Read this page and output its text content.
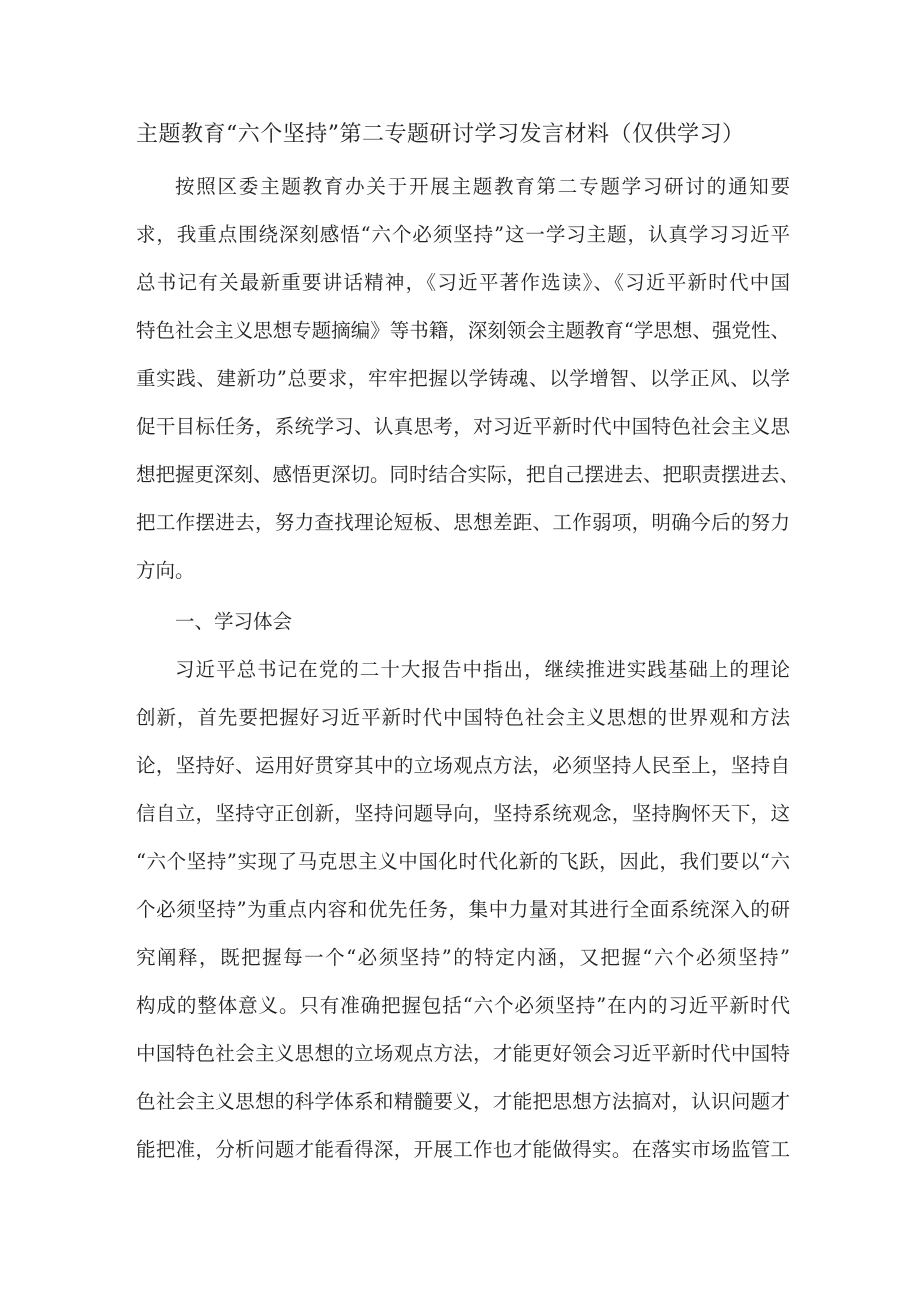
主题教育“六个坚持”第二专题研讨学习发言材料（仅供学习）
按照区委主题教育办关于开展主题教育第二专题学习研讨的通知要
求，我重点围绕深刻感悟“六个必须坚持”这一学习主题，认真学习习近平
总书记有关最新重要讲话精神，《习近平著作选读》、《习近平新时代中国
特色社会主义思想专题摘编》等书籍，深刻领会主题教育“学思想、强党性、
重实践、建新功”总要求，牢牢把握以学铸魂、以学增智、以学正风、以学
促干目标任务，系统学习、认真思考，对习近平新时代中国特色社会主义思
想把握更深刻、感悟更深切。同时结合实际，把自己摆进去、把职责摆进去、
把工作摆进去，努力查找理论短板、思想差距、工作弱项，明确今后的努力
方向。
一、学习体会
习近平总书记在党的二十大报告中指出，继续推进实践基础上的理论
创新，首先要把握好习近平新时代中国特色社会主义思想的世界观和方法
论，坚持好、运用好贯穿其中的立场观点方法，必须坚持人民至上，坚持自
信自立，坚持守正创新，坚持问题导向，坚持系统观念，坚持胸怀天下，这
“六个坚持”实现了马克思主义中国化时代化新的飞跃，因此，我们要以“六
个必须坚持”为重点内容和优先任务，集中力量对其进行全面系统深入的研
究阐释，既把握每一个“必须坚持”的特定内涵，又把握“六个必须坚持”
构成的整体意义。只有准确把握包括“六个必须坚持”在内的习近平新时代
中国特色社会主义思想的立场观点方法，才能更好领会习近平新时代中国特
色社会主义思想的科学体系和精髓要义，才能把思想方法搞对，认识问题才
能把准，分析问题才能看得深，开展工作也才能做得实。在落实市场监管工
